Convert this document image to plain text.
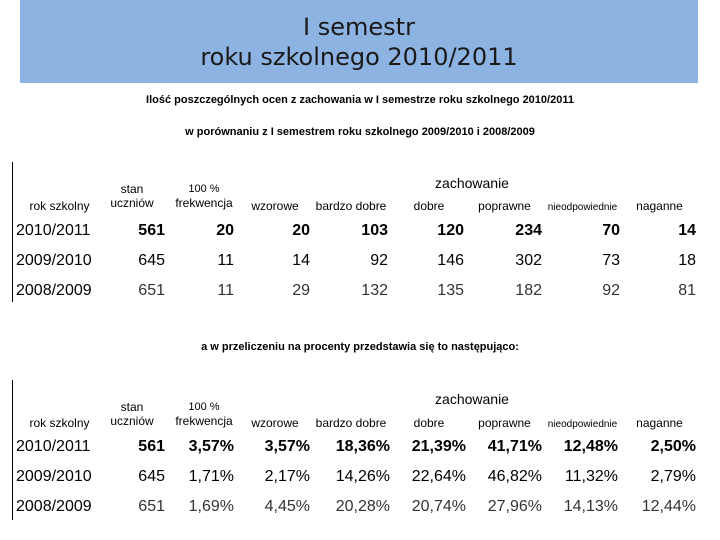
I semestr
roku szkolnego 2010/2011
Ilość poszczególnych ocen z zachowania w I semestrze roku szkolnego 2010/2011
w porównaniu z I semestrem roku szkolnego 2009/2010 i 2008/2009
rok szkolny
stan
uczniów
100 %
frekwencja
zachowanie
wzorowe	bardzo dobre	dobre	poprawne	nieodpowiednie	naganne
2010/2011	561	20	20	103	120	234	70	14
2009/2010	645	11	14	92	146	302	73	18
2008/2009	651	11	29	132	135	182	92	81
a w przeliczeniu na procenty przedstawia się to następująco:
rok szkolny
stan
uczniów
100 %
frekwencja
zachowanie
wzorowe	bardzo dobre	dobre	poprawne	nieodpowiednie	naganne
2010/2011	561	3,57%	3,57%	18,36%	21,39%	41,71%	12,48%	2,50%
2009/2010	645	1,71%	2,17%	14,26%	22,64%	46,82%	11,32%	2,79%
2008/2009	651	1,69%	4,45%	20,28%	20,74%	27,96%	14,13%	12,44%
